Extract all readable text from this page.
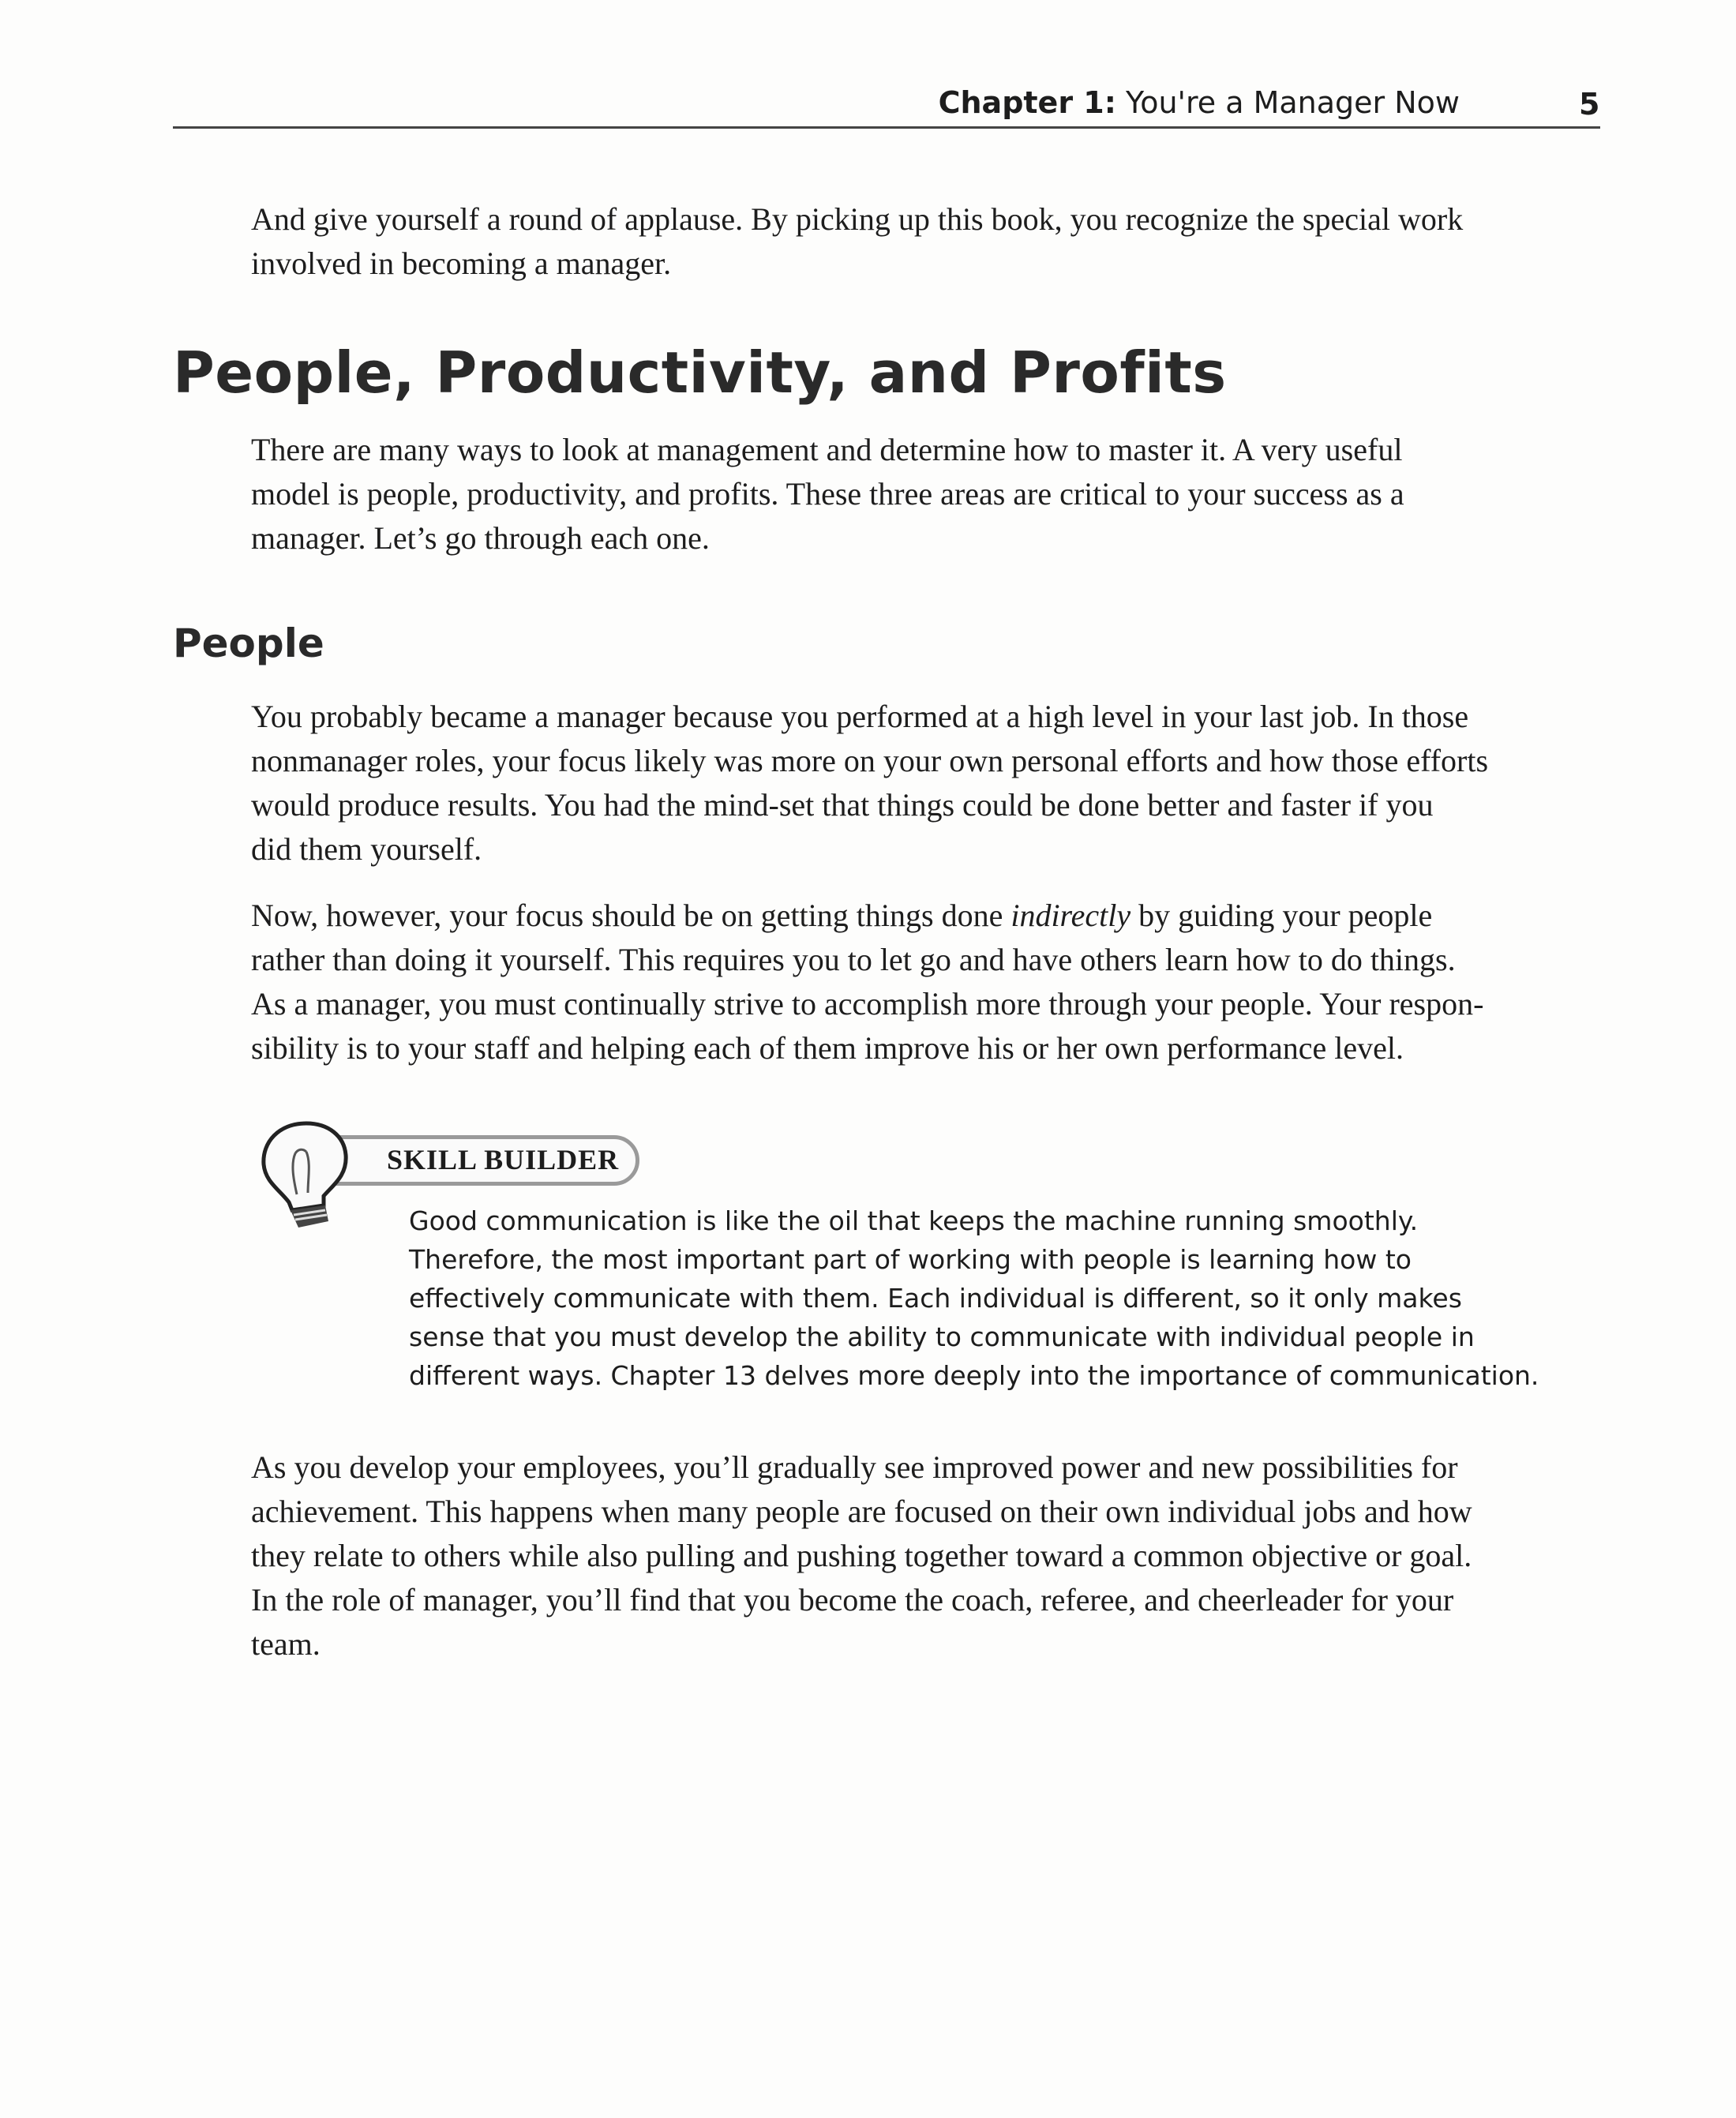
Chapter 1: You're a Manager Now	5
And give yourself a round of applause. By picking up this book, you recognize the special work
involved in becoming a manager.
People, Productivity, and Profits
There are many ways to look at management and determine how to master it. A very useful
model is people, productivity, and profits. These three areas are critical to your success as a
manager. Let’s go through each one.
People
You probably became a manager because you performed at a high level in your last job. In those
nonmanager roles, your focus likely was more on your own personal efforts and how those efforts
would produce results. You had the mind-set that things could be done better and faster if you
did them yourself.
Now, however, your focus should be on getting things done indirectly by guiding your people
rather than doing it yourself. This requires you to let go and have others learn how to do things.
As a manager, you must continually strive to accomplish more through your people. Your respon-
sibility is to your staff and helping each of them improve his or her own performance level.
SKILL BUILDER
Good communication is like the oil that keeps the machine running smoothly.
Therefore, the most important part of working with people is learning how to
effectively communicate with them. Each individual is different, so it only makes
sense that you must develop the ability to communicate with individual people in
different ways. Chapter 13 delves more deeply into the importance of communication.
As you develop your employees, you’ll gradually see improved power and new possibilities for
achievement. This happens when many people are focused on their own individual jobs and how
they relate to others while also pulling and pushing together toward a common objective or goal.
In the role of manager, you’ll find that you become the coach, referee, and cheerleader for your
team.
